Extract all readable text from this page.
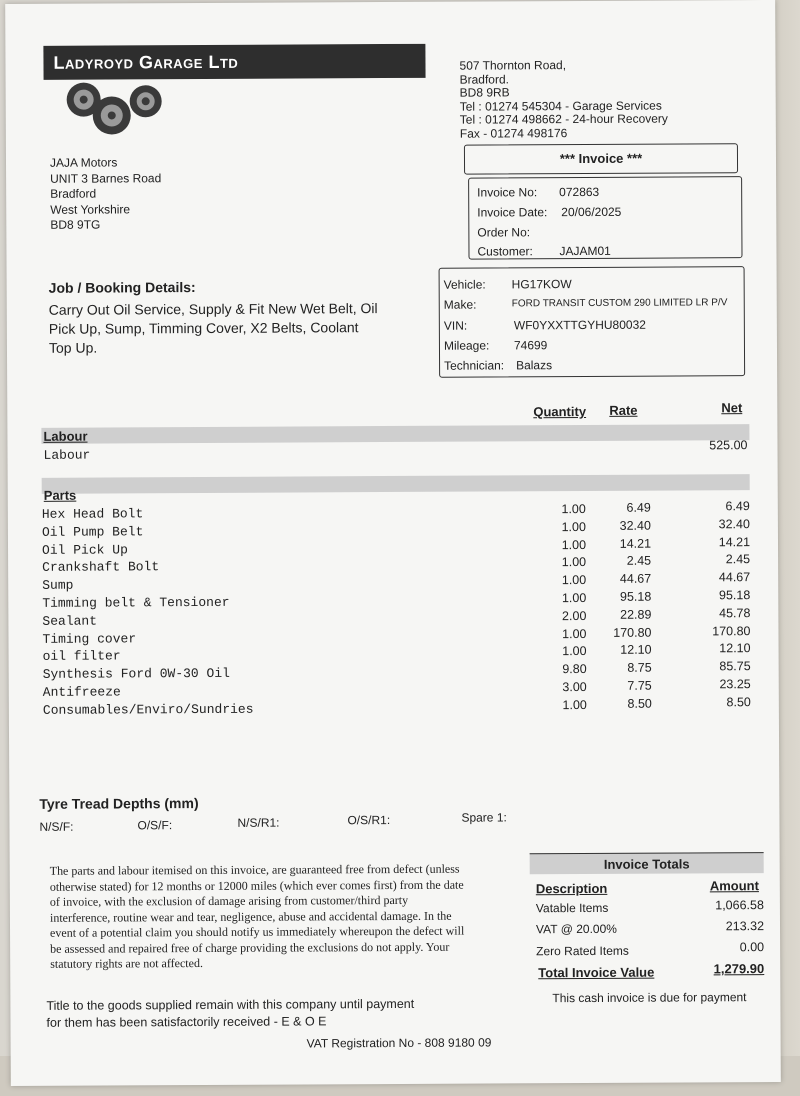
Ladyroyd Garage Ltd	507 Thornton Road,
Bradford.
BD8 9RB
Tel : 01274 545304 - Garage Services
Tel : 01274 498662 - 24-hour Recovery
Fax - 01274 498176
JAJA Motors
UNIT 3 Barnes Road
Bradford
West Yorkshire
BD8 9TG
*** Invoice ***
Invoice No: 072863
Invoice Date: 20/06/2025
Order No:
Customer: JAJAM01
Job / Booking Details:
Carry Out Oil Service, Supply & Fit New Wet Belt, Oil
Pick Up, Sump, Timming Cover, X2 Belts, Coolant
Top Up.
Vehicle: HG17KOW
Make:	FORD TRANSIT CUSTOM 290 LIMITED LR P/V
VIN:	WF0YXXTTGYHU80032
Mileage: 74699
Technician: Balazs
Quantity Rate	Net
Labour
Labour
525.00
Parts
Hex Head Bolt	1.00	6.49	6.49
Oil Pump Belt	1.00	32.40	32.40
Oil Pick Up	1.00	14.21	14.21
Crankshaft Bolt	1.00	2.45	2.45
Sump	1.00	44.67	44.67
Timming belt & Tensioner	1.00	95.18	95.18
Sealant	2.00	22.89	45.78
Timing cover	1.00	170.80	170.80
oil filter	1.00	12.10	12.10
Synthesis Ford 0W-30 Oil	9.80	8.75	85.75
Antifreeze	3.00	7.75	23.25
Consumables/Enviro/Sundries	1.00	8.50	8.50
Tyre Tread Depths (mm)
N/S/F:	O/S/F:	N/S/R1:	O/S/R1:	Spare 1:
The parts and labour itemised on this invoice, are guaranteed free from defect (unless
otherwise stated) for 12 months or 12000 miles (which ever comes first) from the date
of invoice, with the exclusion of damage arising from customer/third party
interference, routine wear and tear, negligence, abuse and accidental damage. In the
event of a potential claim you should notify us immediately whereupon the defect will
be assessed and repaired free of charge providing the exclusions do not apply. Your
statutory rights are not affected.
Invoice Totals
Description	Amount
Vatable Items	1,066.58
VAT @ 20.00%	213.32
Zero Rated Items	0.00
Total Invoice Value	1,279.90
This cash invoice is due for payment
Title to the goods supplied remain with this company until payment
for them has been satisfactorily received - E & O E
VAT Registration No - 808 9180 09
